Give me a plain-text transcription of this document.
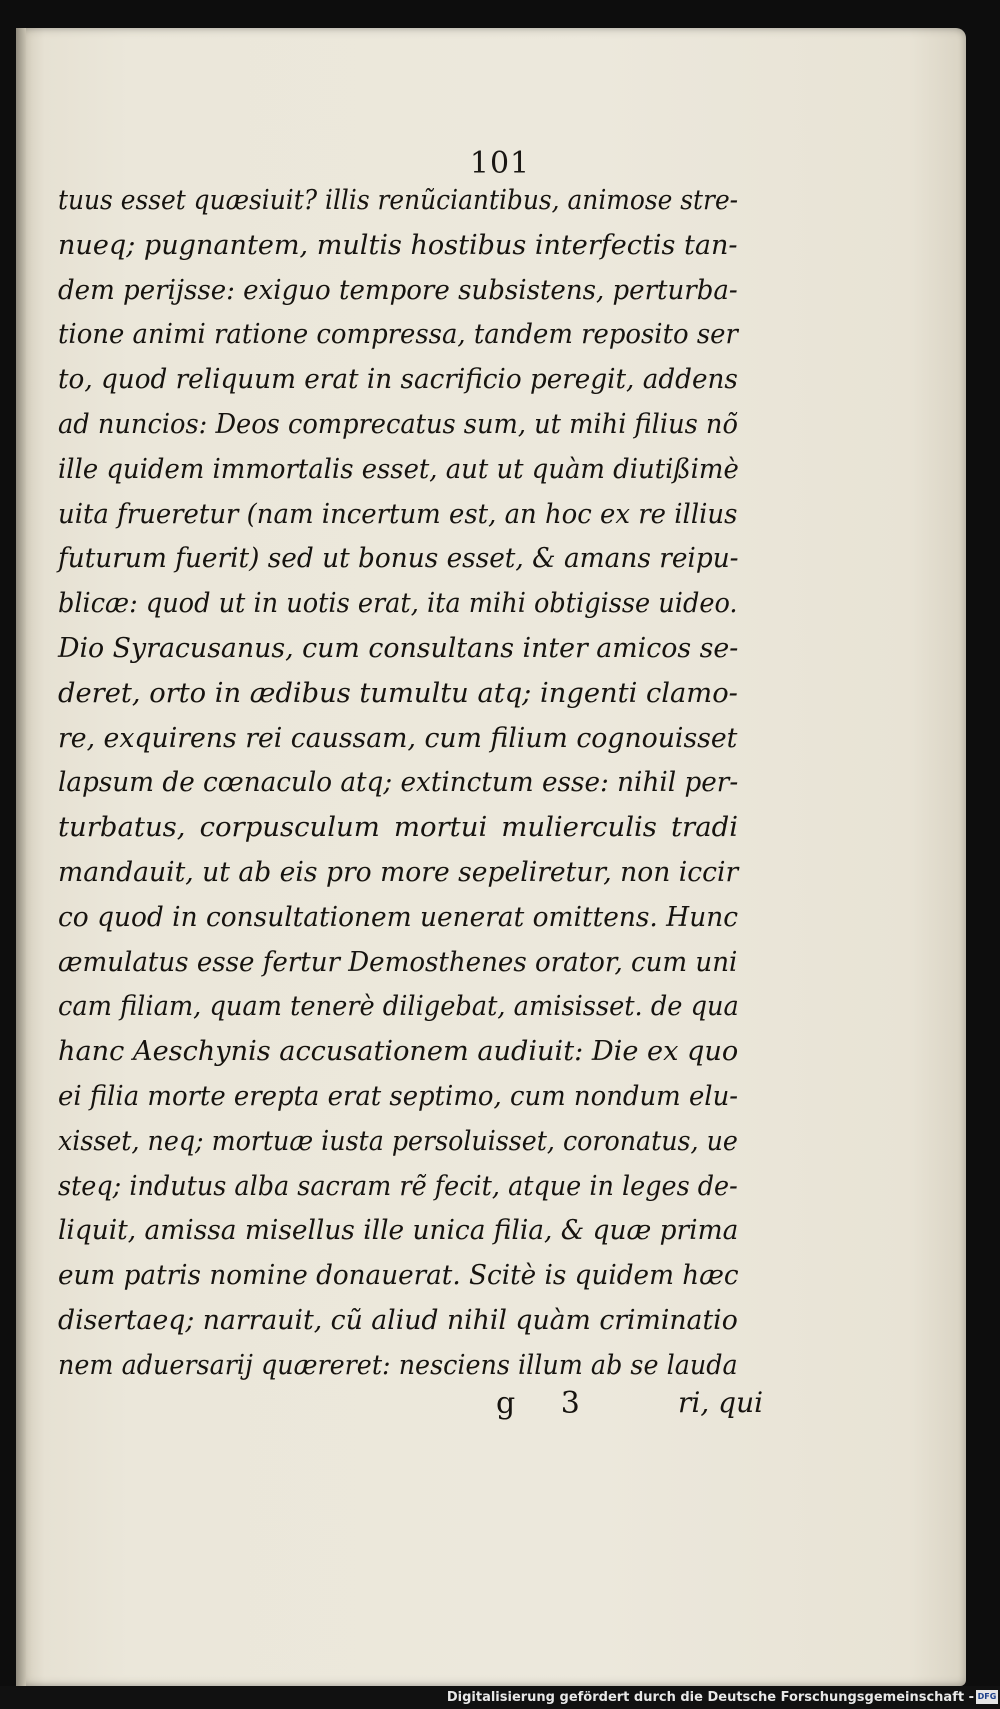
101
tuus esset quæsiuit? illis renũciantibus, animose stre-
nueq; pugnantem, multis hostibus interfectis tan-
dem perijsse: exiguo tempore subsistens, perturba-
tione animi ratione compressa, tandem reposito ser
to, quod reliquum erat in sacrificio peregit, addens
ad nuncios: Deos comprecatus sum, ut mihi filius nõ
ille quidem immortalis esset, aut ut quàm diutißimè
uita frueretur (nam incertum est, an hoc ex re illius
futurum fuerit) sed ut bonus esset, & amans reipu-
blicæ: quod ut in uotis erat, ita mihi obtigisse uideo.
Dio Syracusanus, cum consultans inter amicos se-
deret, orto in ædibus tumultu atq; ingenti clamo-
re, exquirens rei caussam, cum filium cognouisset
lapsum de cœnaculo atq; extinctum esse: nihil per-
turbatus, corpusculum mortui mulierculis tradi
mandauit, ut ab eis pro more sepeliretur, non iccir
co quod in consultationem uenerat omittens. Hunc
æmulatus esse fertur Demosthenes orator, cum uni
cam filiam, quam tenerè diligebat, amisisset. de qua
hanc Aeschynis accusationem audiuit: Die ex quo
ei filia morte erepta erat septimo, cum nondum elu-
xisset, neq; mortuæ iusta persoluisset, coronatus, ue
steq; indutus alba sacram rẽ fecit, atque in leges de-
liquit, amissa misellus ille unica filia, & quæ prima
eum patris nomine donauerat. Scitè is quidem hæc
disertaeq; narrauit, cũ aliud nihil quàm criminatio
nem aduersarij quæreret: nesciens illum ab se lauda
g 3	ri, qui
Digitalisierung gefördert durch die Deutsche Forschungsgemeinschaft - DFG
